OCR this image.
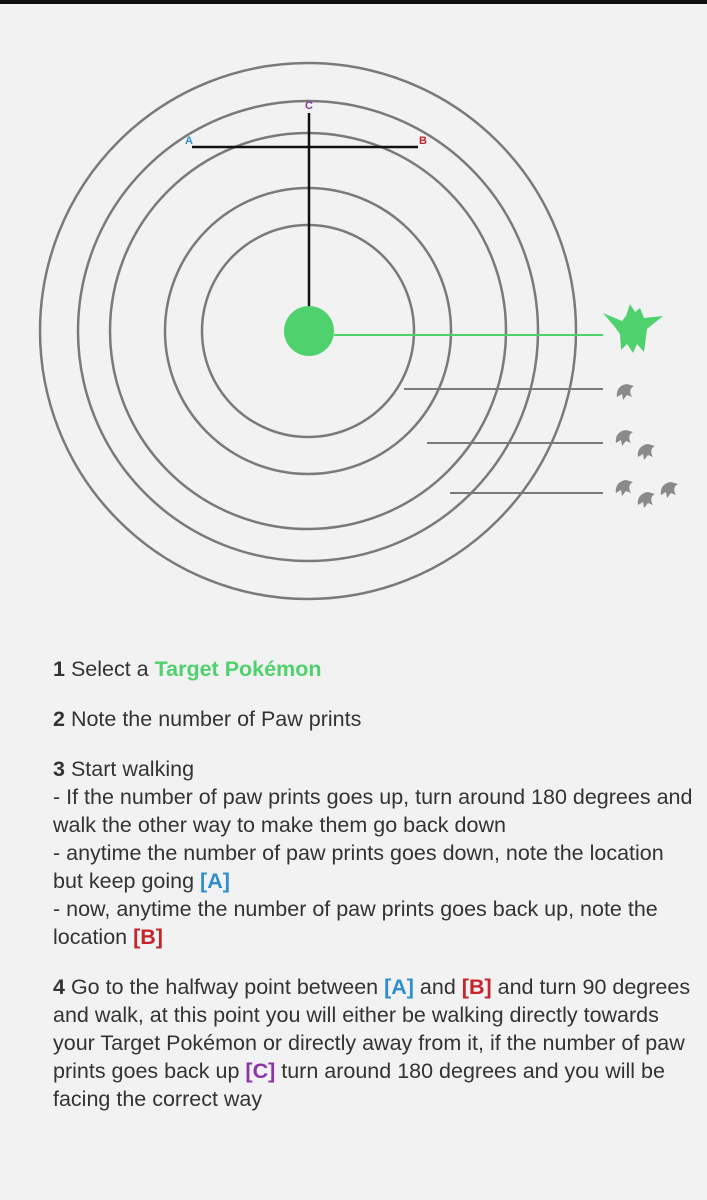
A	B
C
1 Select a Target Pokémon
2 Note the number of Paw prints
3 Start walking
- If the number of paw prints goes up, turn around 180 degrees and walk the other way to make them go back down
- anytime the number of paw prints goes down, note the location but keep going [A]
- now, anytime the number of paw prints goes back up, note the location [B]
4 Go to the halfway point between [A] and [B] and turn 90 degrees and walk, at this point you will either be walking directly towards your Target Pokémon or directly away from it, if the number of paw prints goes back up [C] turn around 180 degrees and you will be facing the correct way
